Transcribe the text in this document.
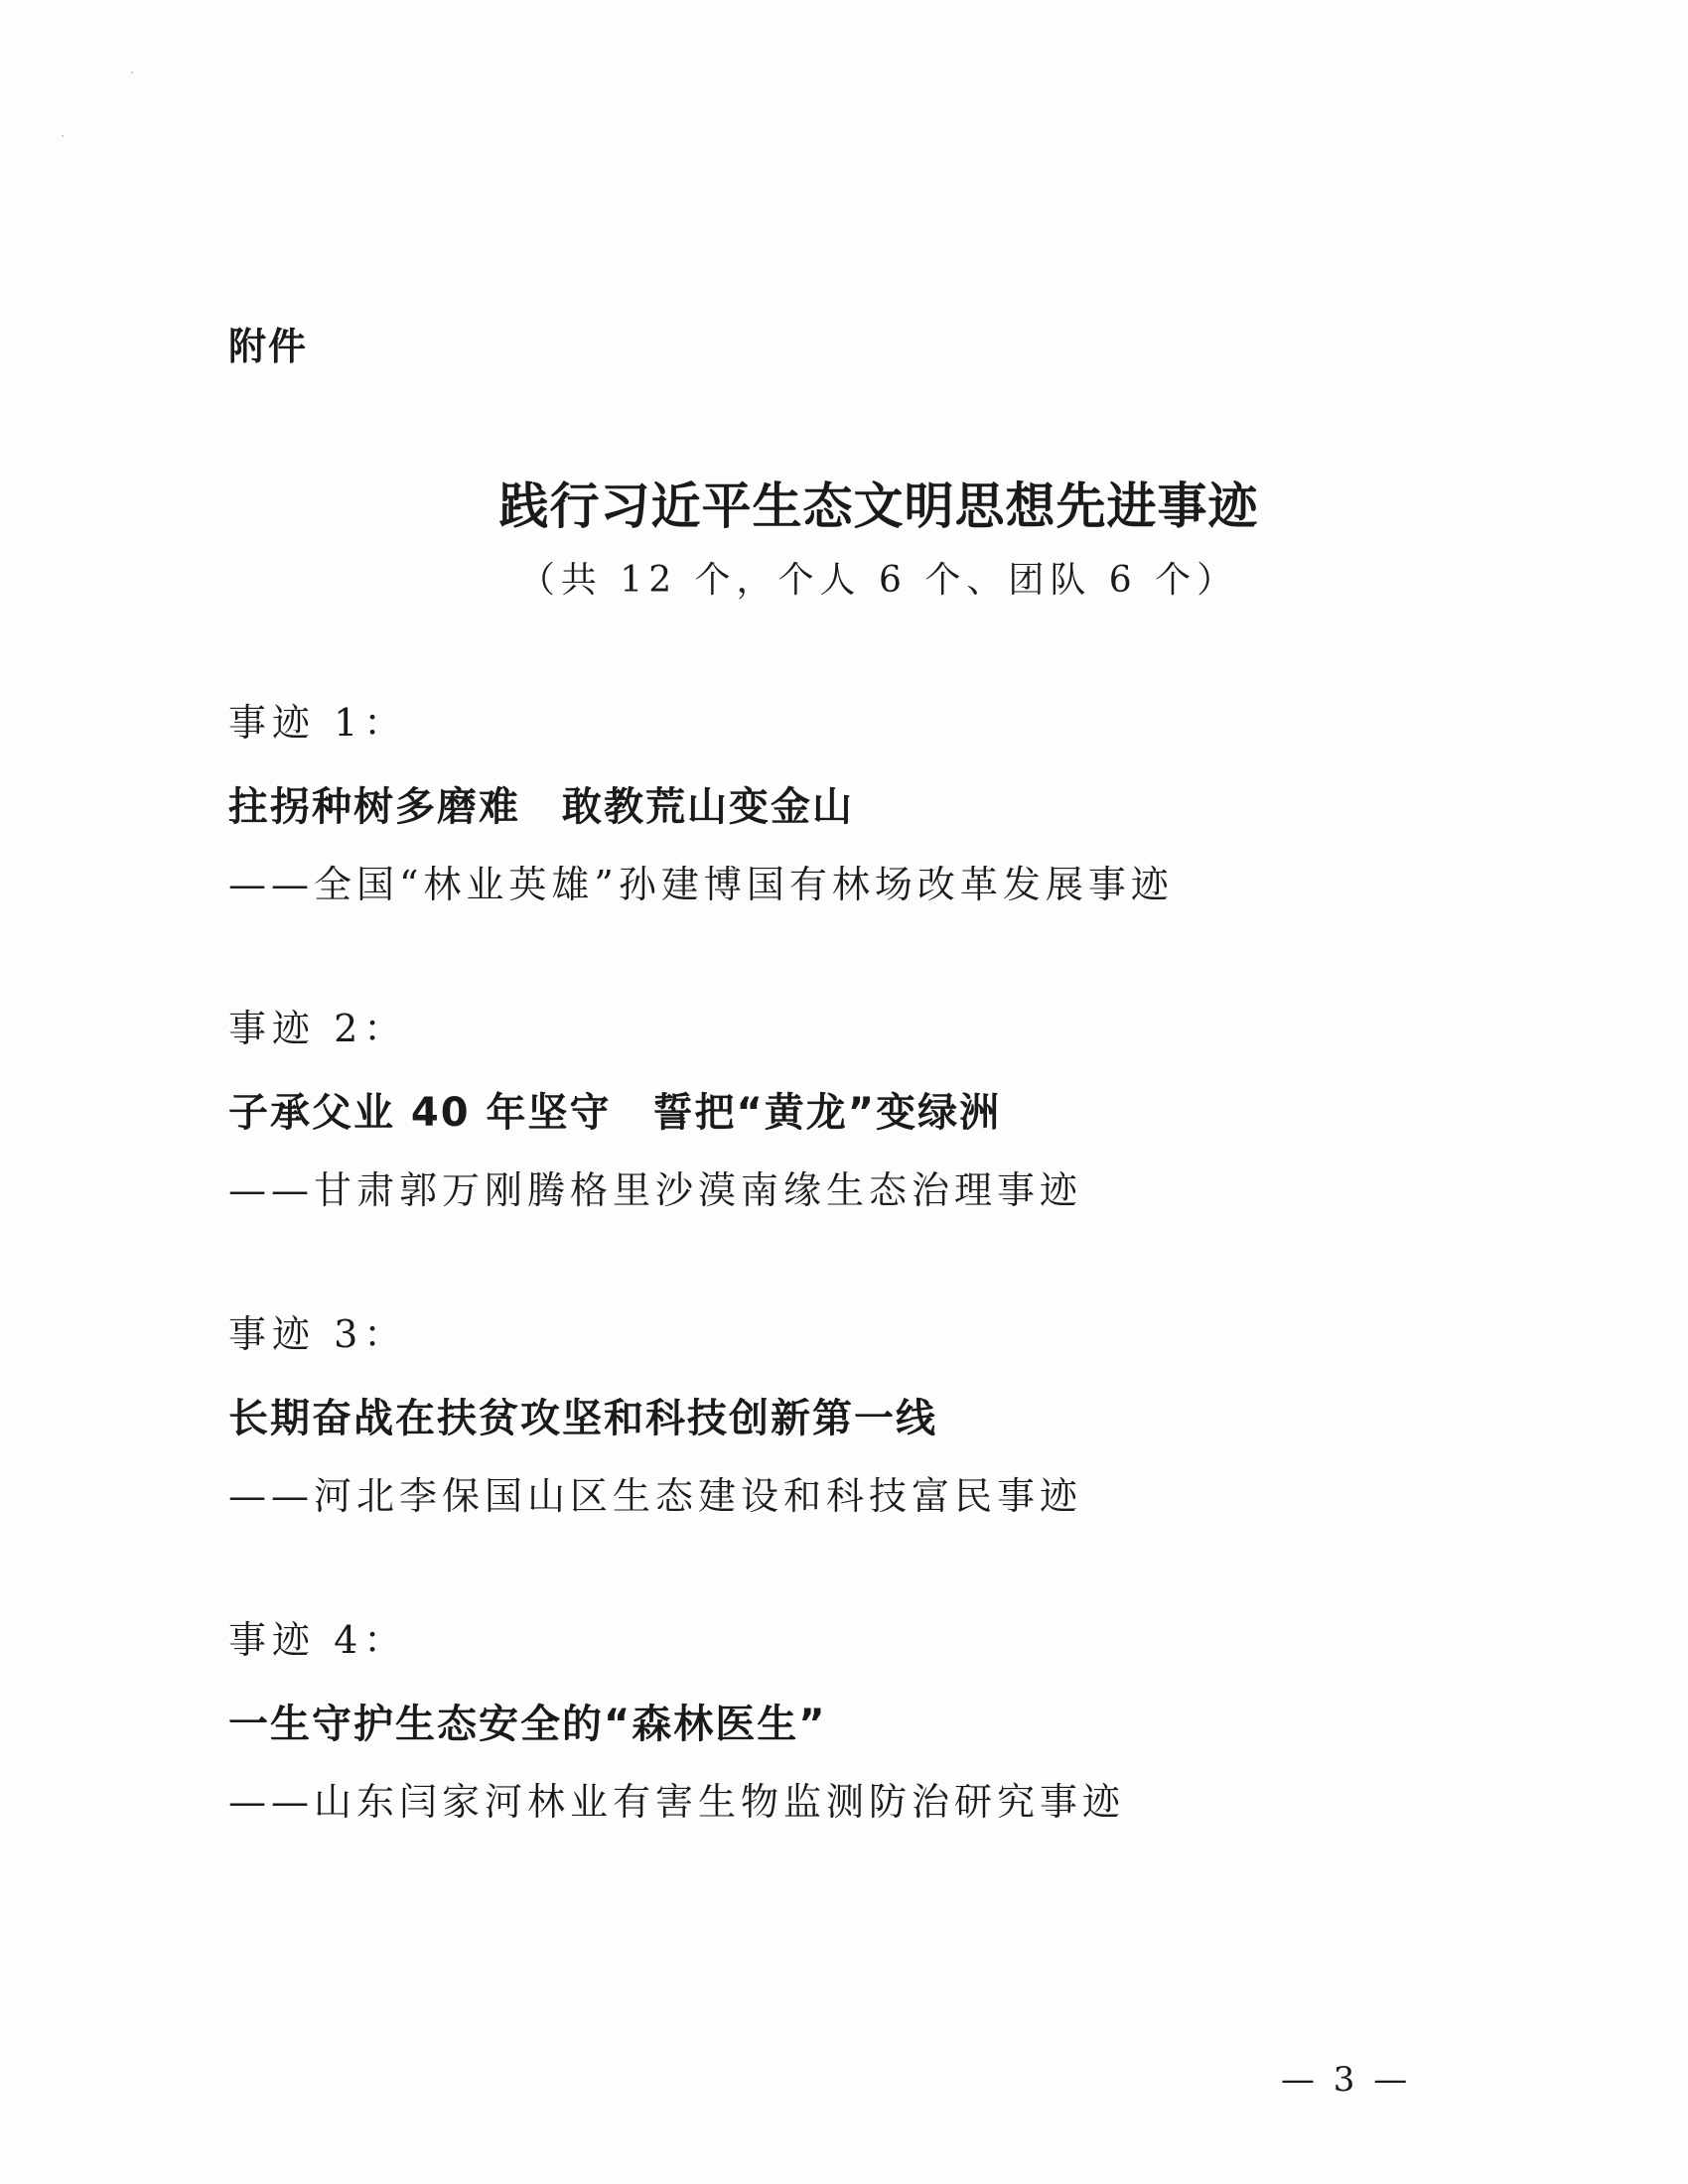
附件
践行习近平生态文明思想先进事迹
（共 12 个，个人 6 个、团队 6 个）
事迹 1：
拄拐种树多磨难　敢教荒山变金山
——全国“林业英雄”孙建博国有林场改革发展事迹
事迹 2：
子承父业 40 年坚守　誓把“黄龙”变绿洲
——甘肃郭万刚腾格里沙漠南缘生态治理事迹
事迹 3：
长期奋战在扶贫攻坚和科技创新第一线
——河北李保国山区生态建设和科技富民事迹
事迹 4：
一生守护生态安全的“森林医生”
——山东闫家河林业有害生物监测防治研究事迹
— 3 —
